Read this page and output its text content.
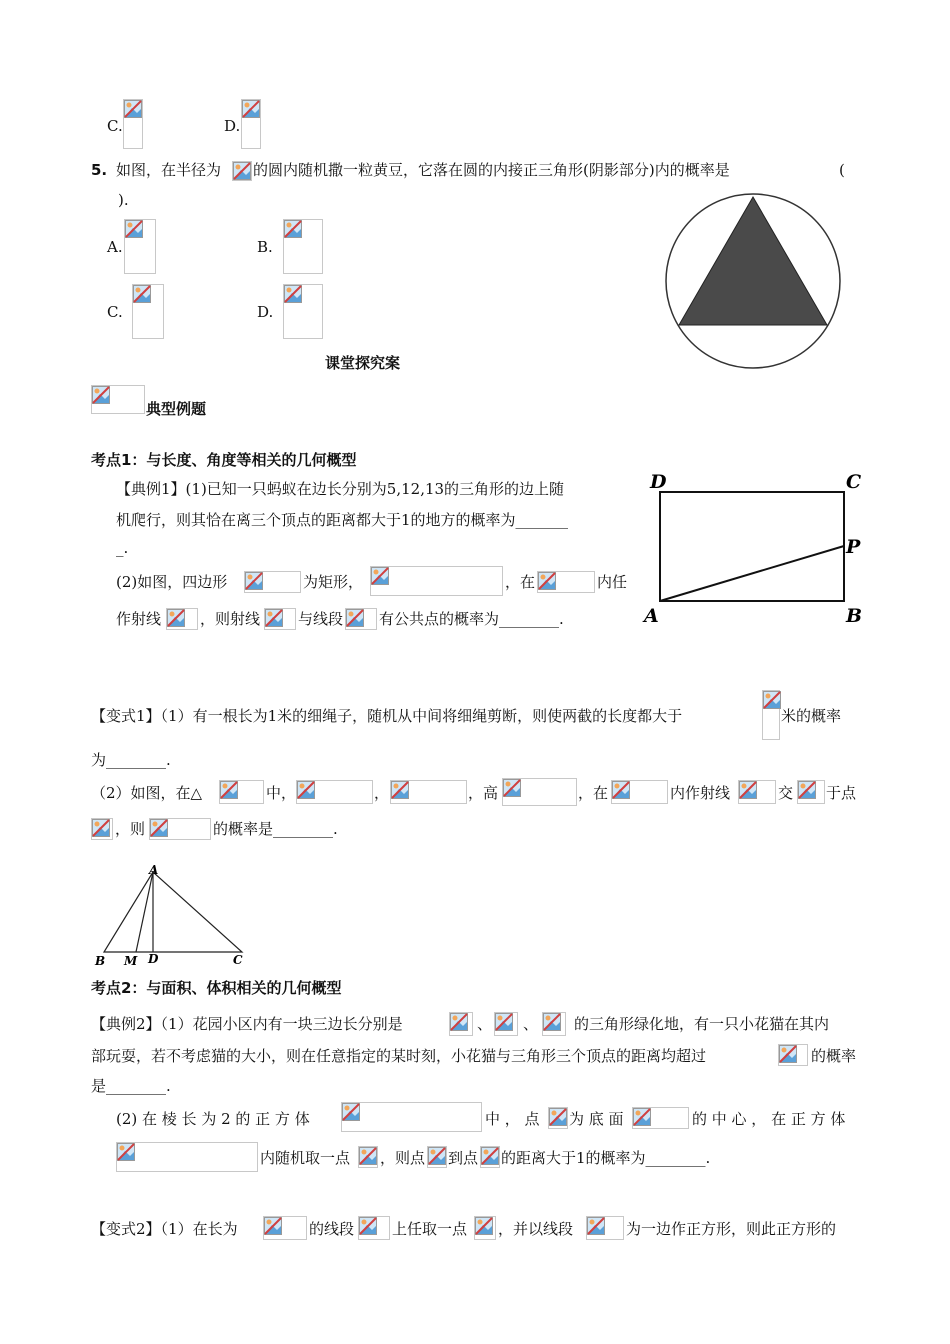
C.	D.
5. 如图，在半径为 的圆内随机撒一粒黄豆，它落在圆的内接正三角形(阴影部分)内的概率是	(
).
A.	B.
C.	D.
课堂探究案
典型例题
考点1：与长度、角度等相关的几何概型
【典例1】(1)已知一只蚂蚁在边长分别为5,12,13的三角形的边上随
机爬行，则其恰在离三个顶点的距离都大于1的地方的概率为_______
_.
(2)如图，四边形	为矩形，	，在	内任
作射线	，则射线	与线段 有公共点的概率为________.
D	C
P
A	B
【变式1】（1）有一根长为1米的细绳子，随机从中间将细绳剪断，则使两截的长度都大于	米的概率
为________.
（2）如图，在△	中，	，	，高	，在	内作射线	交 于点
，则	的概率是________.
A
B M D	C
考点2：与面积、体积相关的几何概型
【典例2】（1）花园小区内有一块三边长分别是	、 、 的三角形绿化地，有一只小花猫在其内
部玩耍，若不考虑猫的大小，则在任意指定的某时刻，小花猫与三角形三个顶点的距离均超过	的概率
是________.
(2) 在 棱 长 为 2 的 正 方 体	中 ， 点 为 底 面	的 中 心 ， 在 正 方 体
内随机取一点 ，则点 到点 的距离大于1的概率为________.
【变式2】（1）在长为	的线段	上任取一点 ，并以线段	为一边作正方形，则此正方形的
